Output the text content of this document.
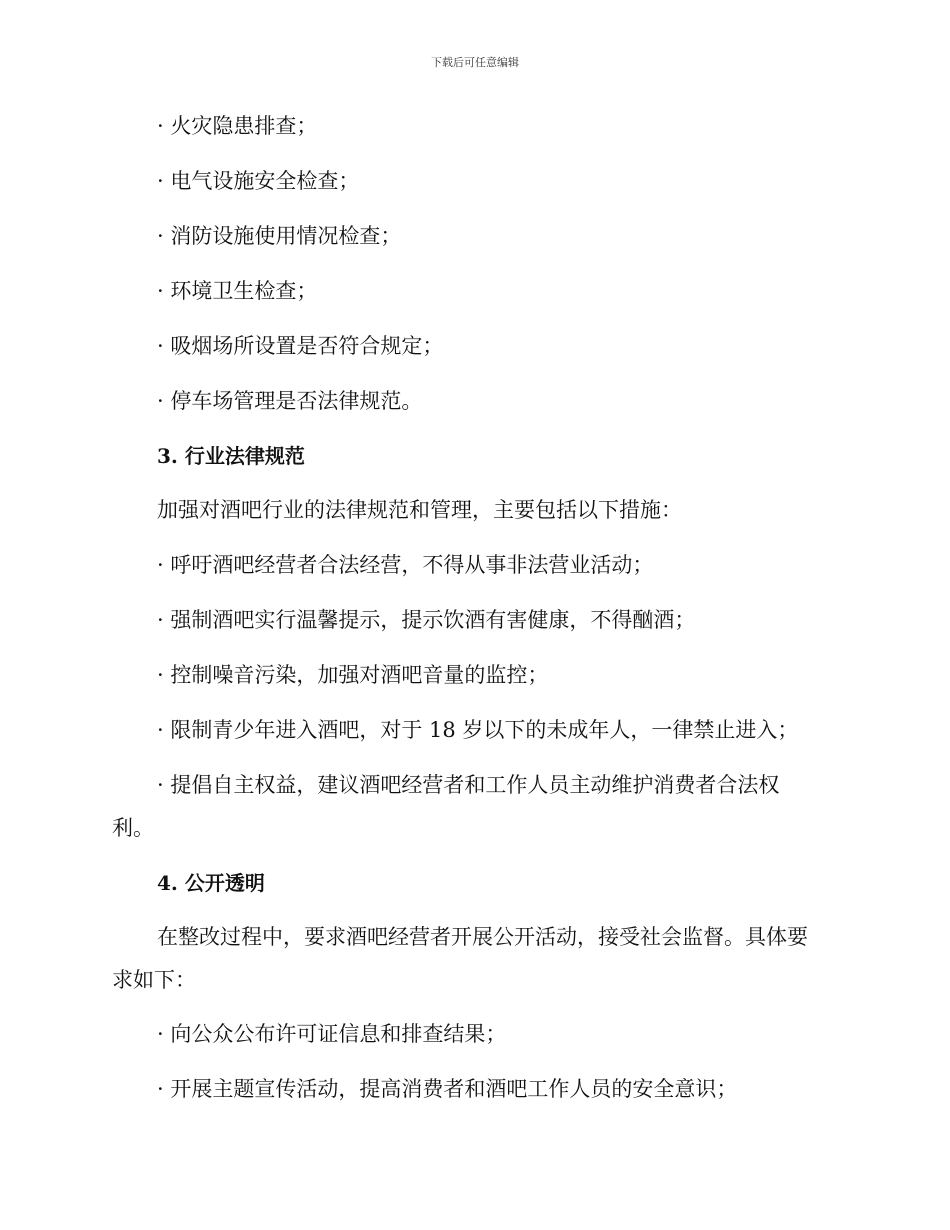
下载后可任意编辑
· 火灾隐患排查；
· 电气设施安全检查；
· 消防设施使用情况检查；
· 环境卫生检查；
· 吸烟场所设置是否符合规定；
· 停车场管理是否法律规范。
3. 行业法律规范
加强对酒吧行业的法律规范和管理，主要包括以下措施：
· 呼吁酒吧经营者合法经营，不得从事非法营业活动；
· 强制酒吧实行温馨提示，提示饮酒有害健康，不得酗酒；
· 控制噪音污染，加强对酒吧音量的监控；
· 限制青少年进入酒吧，对于 18 岁以下的未成年人，一律禁止进入；
· 提倡自主权益，建议酒吧经营者和工作人员主动维护消费者合法权
利。
4. 公开透明
在整改过程中，要求酒吧经营者开展公开活动，接受社会监督。具体要
求如下：
· 向公众公布许可证信息和排查结果；
· 开展主题宣传活动，提高消费者和酒吧工作人员的安全意识；
